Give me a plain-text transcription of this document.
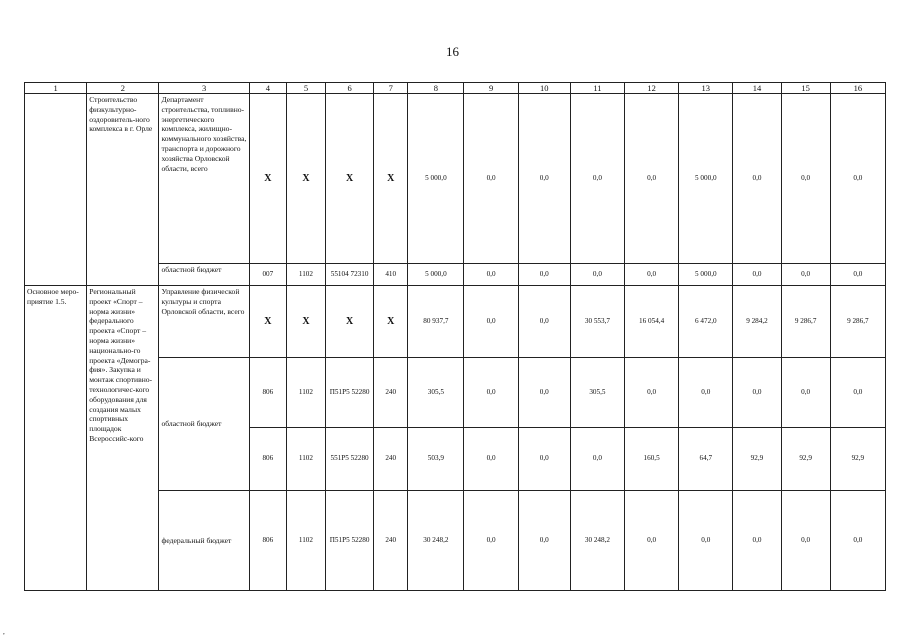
16
1	2	3	4	5	6	7	8	9	10	11	12	13	14	15	16
	Строительство физкультурно-оздоровитель-ного комплекса в г. Орле	Департамент строительства, топливно-энергетического комплекса, жилищно-коммунального хозяйства, транспорта и дорожного хозяйства Орловской области, всего	Х	Х	Х	Х	5 000,0	0,0	0,0	0,0	0,0	5 000,0	0,0	0,0	0,0
		областной бюджет	007	1102	55104 72310	410	5 000,0	0,0	0,0	0,0	0,0	5 000,0	0,0	0,0	0,0
Основное меро-приятие 1.5.	Региональный проект «Спорт – норма жизни» федерального проекта «Спорт – норма жизни» национально-го проекта «Демогра-фия». Закупка и монтаж спортивно-технологичес-кого оборудования для создания малых спортивных площадок Всероссийс-кого	Управление физической культуры и спорта Орловской области, всего	Х	Х	Х	Х	80 937,7	0,0	0,0	30 553,7	16 054,4	6 472,0	9 284,2	9 286,7	9 286,7
		областной бюджет	806	1102	П51Р5 52280	240	305,5	0,0	0,0	305,5	0,0	0,0	0,0	0,0	0,0
			806	1102	551Р5 52280	240	503,9	0,0	0,0	0,0	160,5	64,7	92,9	92,9	92,9
		федеральный бюджет	806	1102	П51Р5 52280	240	30 248,2	0,0	0,0	30 248,2	0,0	0,0	0,0	0,0	0,0
,
